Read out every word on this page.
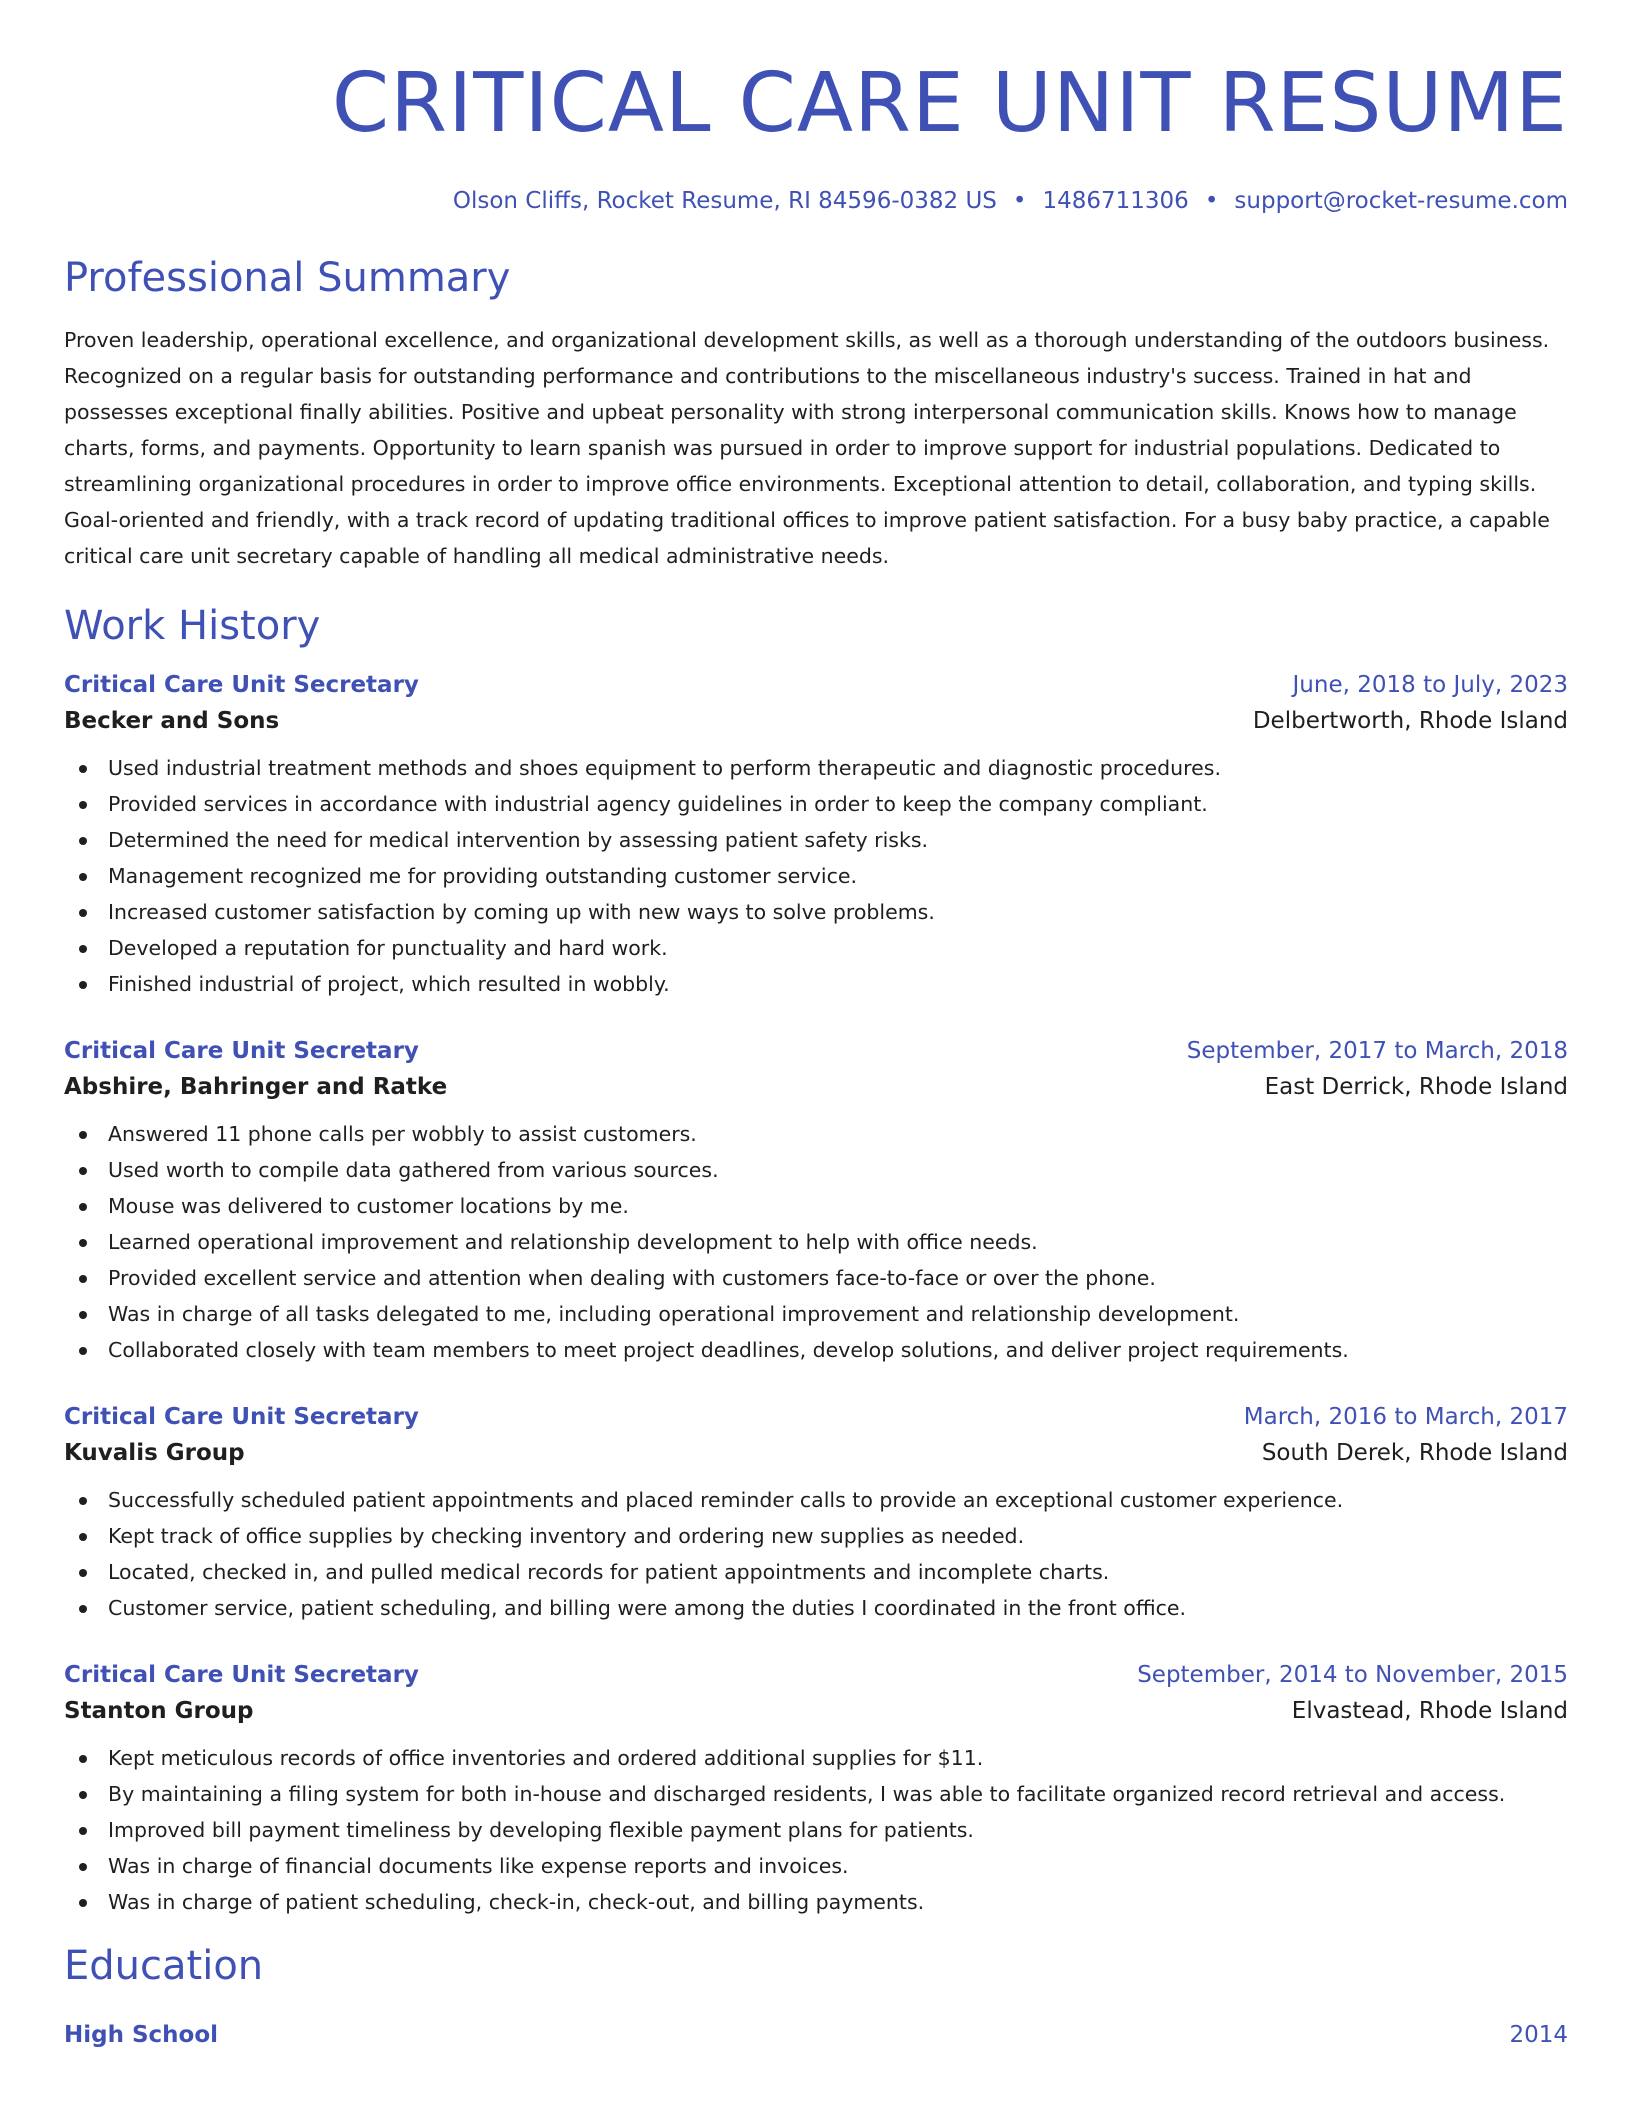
CRITICAL CARE UNIT RESUME
Olson Cliffs, Rocket Resume, RI 84596-0382 US • 1486711306 • support@rocket-resume.com
Professional Summary

Proven leadership, operational excellence, and organizational development skills, as well as a thorough understanding of the outdoors business. Recognized on a regular basis for outstanding performance and contributions to the miscellaneous industry's success. Trained in hat and possesses exceptional finally abilities. Positive and upbeat personality with strong interpersonal communication skills. Knows how to manage charts, forms, and payments. Opportunity to learn spanish was pursued in order to improve support for industrial populations. Dedicated to streamlining organizational procedures in order to improve office environments. Exceptional attention to detail, collaboration, and typing skills. Goal-oriented and friendly, with a track record of updating traditional offices to improve patient satisfaction. For a busy baby practice, a capable critical care unit secretary capable of handling all medical administrative needs.

Work History
Critical Care Unit Secretary	June, 2018 to July, 2023
Becker and Sons	Delbertworth, Rhode Island
Used industrial treatment methods and shoes equipment to perform therapeutic and diagnostic procedures.
Provided services in accordance with industrial agency guidelines in order to keep the company compliant.
Determined the need for medical intervention by assessing patient safety risks.
Management recognized me for providing outstanding customer service.
Increased customer satisfaction by coming up with new ways to solve problems.
Developed a reputation for punctuality and hard work.
Finished industrial of project, which resulted in wobbly.
Critical Care Unit Secretary	September, 2017 to March, 2018
Abshire, Bahringer and Ratke	East Derrick, Rhode Island
Answered 11 phone calls per wobbly to assist customers.
Used worth to compile data gathered from various sources.
Mouse was delivered to customer locations by me.
Learned operational improvement and relationship development to help with office needs.
Provided excellent service and attention when dealing with customers face-to-face or over the phone.
Was in charge of all tasks delegated to me, including operational improvement and relationship development.
Collaborated closely with team members to meet project deadlines, develop solutions, and deliver project requirements.
Critical Care Unit Secretary	March, 2016 to March, 2017
Kuvalis Group	South Derek, Rhode Island
Successfully scheduled patient appointments and placed reminder calls to provide an exceptional customer experience.
Kept track of office supplies by checking inventory and ordering new supplies as needed.
Located, checked in, and pulled medical records for patient appointments and incomplete charts.
Customer service, patient scheduling, and billing were among the duties I coordinated in the front office.
Critical Care Unit Secretary	September, 2014 to November, 2015
Stanton Group	Elvastead, Rhode Island
Kept meticulous records of office inventories and ordered additional supplies for $11.
By maintaining a filing system for both in-house and discharged residents, I was able to facilitate organized record retrieval and access.
Improved bill payment timeliness by developing flexible payment plans for patients.
Was in charge of financial documents like expense reports and invoices.
Was in charge of patient scheduling, check-in, check-out, and billing payments.
Education
High School	2014
